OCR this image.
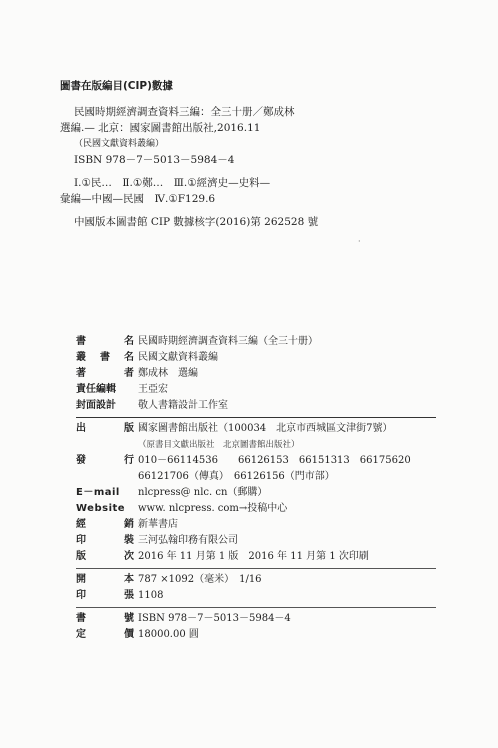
圖書在版編目(CIP)數據
民國時期經濟調查資料三編：全三十册／鄭成林
選編.— 北京：國家圖書館出版社,2016.11
（民國文獻資料叢編）
ISBN 978－7－5013－5984－4
Ⅰ.①民…　Ⅱ.①鄭…　Ⅲ.①經濟史—史料—
彙編—中國—民國　Ⅳ.①F129.6
中國版本圖書館 CIP 數據核字(2016)第 262528 號
·
書	名 民國時期經濟調查資料三編（全三十册）
叢 書 名 民國文獻資料叢編
著	者 鄭成林　選編
責任編輯	王亞宏
封面設計	敬人書籍設計工作室
出	版 國家圖書館出版社（100034　北京市西城區文津街7號）
（原書目文獻出版社　北京圖書館出版社）
發	行 010－66114536　　66126153　66151313　66175620
66121706（傳真）　66126156（門市部）
E－mail	nlcpress@ nlc. cn（郵購）
Website	www. nlcpress. com→投稿中心
經	銷 新華書店
印	裝 三河弘翰印務有限公司
版	次 2016 年 11 月第 1 版　2016 年 11 月第 1 次印刷
開	本 787 ×1092（毫米）　1/16
印	張 1108
書	號 ISBN 978－7－5013－5984－4
定	價 18000.00 圓
